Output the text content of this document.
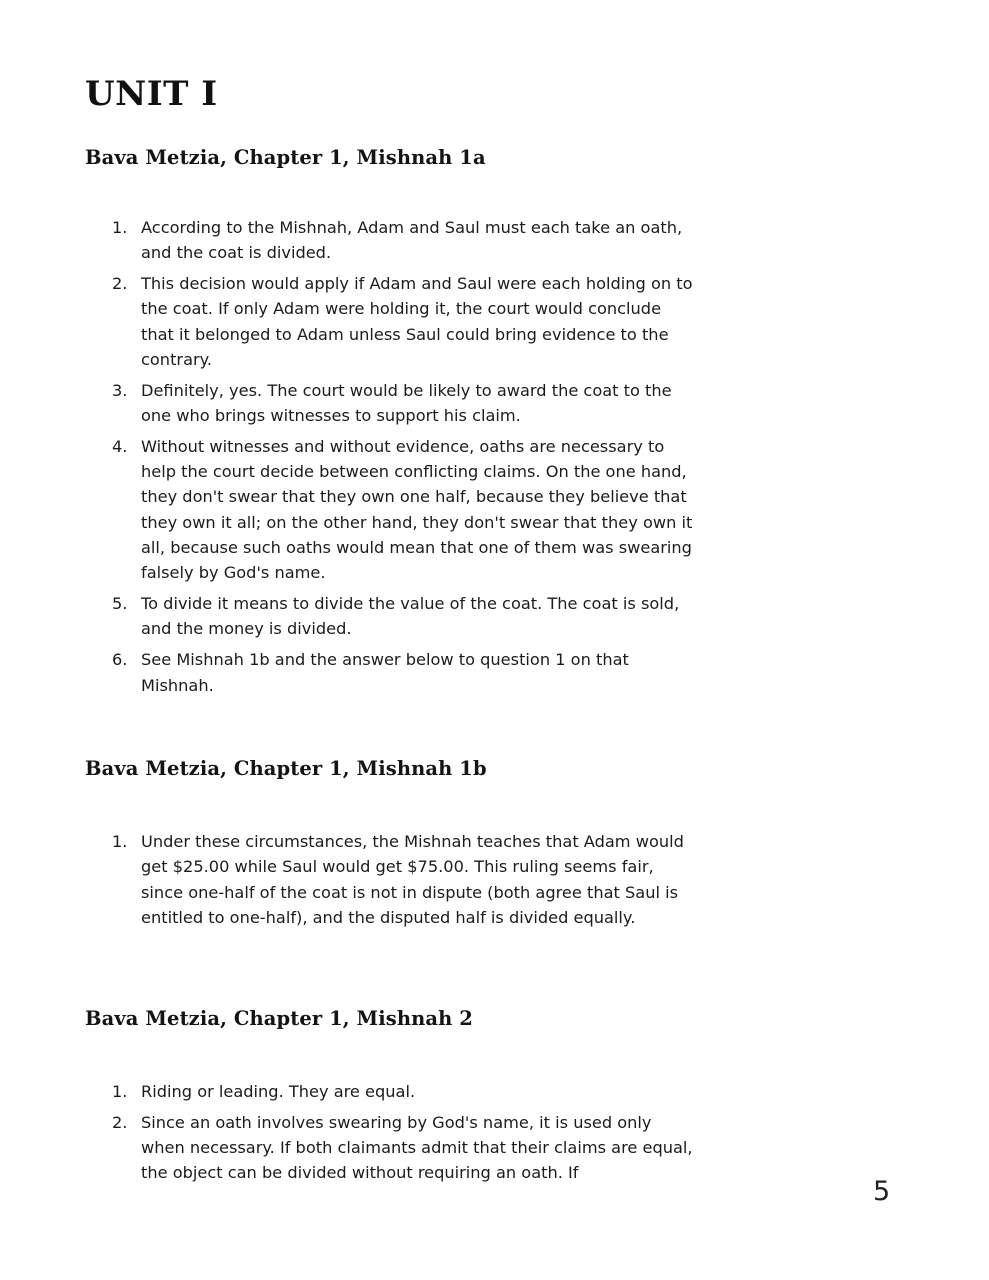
UNIT I
Bava Metzia, Chapter 1, Mishnah 1a
1. According to the Mishnah, Adam and Saul must each take an oath, and the coat is divided.
2. This decision would apply if Adam and Saul were each holding on to the coat. If only Adam were holding it, the court would conclude that it belonged to Adam unless Saul could bring evidence to the contrary.
3. Definitely, yes. The court would be likely to award the coat to the one who brings witnesses to support his claim.
4. Without witnesses and without evidence, oaths are necessary to help the court decide between conflicting claims. On the one hand, they don't swear that they own one half, because they believe that they own it all; on the other hand, they don't swear that they own it all, because such oaths would mean that one of them was swearing falsely by God's name.
5. To divide it means to divide the value of the coat. The coat is sold, and the money is divided.
6. See Mishnah 1b and the answer below to question 1 on that Mishnah.
Bava Metzia, Chapter 1, Mishnah 1b
1. Under these circumstances, the Mishnah teaches that Adam would get $25.00 while Saul would get $75.00. This ruling seems fair, since one-half of the coat is not in dispute (both agree that Saul is entitled to one-half), and the disputed half is divided equally.
Bava Metzia, Chapter 1, Mishnah 2
1. Riding or leading. They are equal.
2. Since an oath involves swearing by God's name, it is used only when necessary. If both claimants admit that their claims are equal, the object can be divided without requiring an oath. If
5
